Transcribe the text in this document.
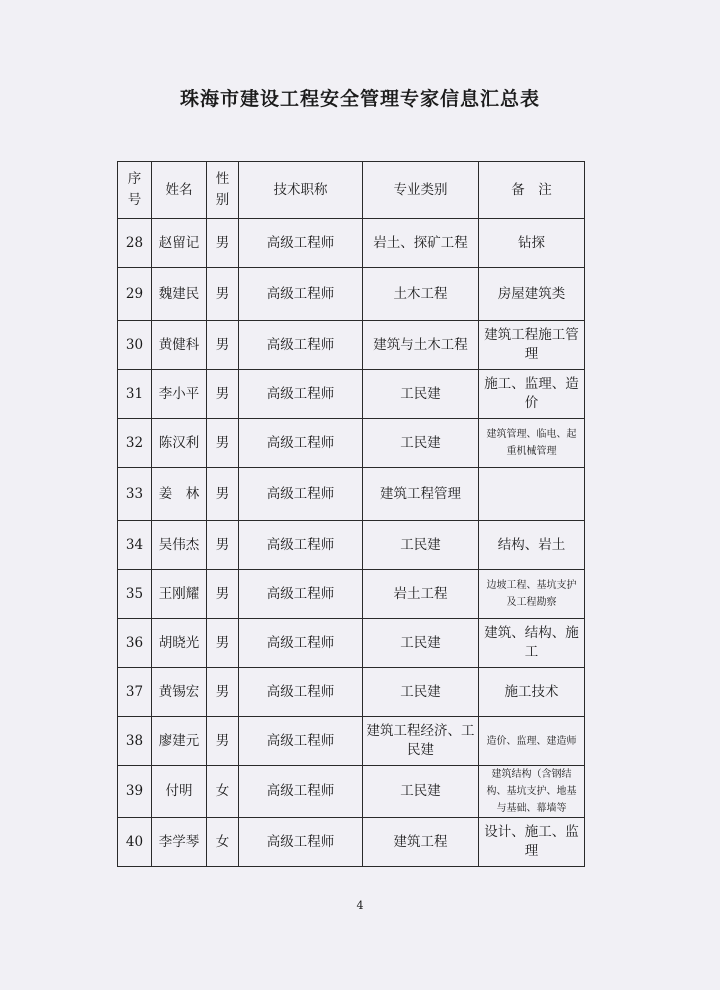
珠海市建设工程安全管理专家信息汇总表
序号	姓名	性别	技术职称	专业类别	备　注
28	赵留记	男	高级工程师	岩土、探矿工程	钻探
29	魏建民	男	高级工程师	土木工程	房屋建筑类
30	黄健科	男	高级工程师	建筑与土木工程	建筑工程施工管理
31	李小平	男	高级工程师	工民建	施工、监理、造价
32	陈汉利	男	高级工程师	工民建	建筑管理、临电、起重机械管理
33	姜　林	男	高级工程师	建筑工程管理	
34	吴伟杰	男	高级工程师	工民建	结构、岩土
35	王刚耀	男	高级工程师	岩土工程	边坡工程、基坑支护及工程勘察
36	胡晓光	男	高级工程师	工民建	建筑、结构、施工
37	黄锡宏	男	高级工程师	工民建	施工技术
38	廖建元	男	高级工程师	建筑工程经济、工民建	造价、监理、建造师
39	付明	女	高级工程师	工民建	建筑结构（含钢结构、基坑支护、地基与基础、幕墙等
40	李学琴	女	高级工程师	建筑工程	设计、施工、监理
4
